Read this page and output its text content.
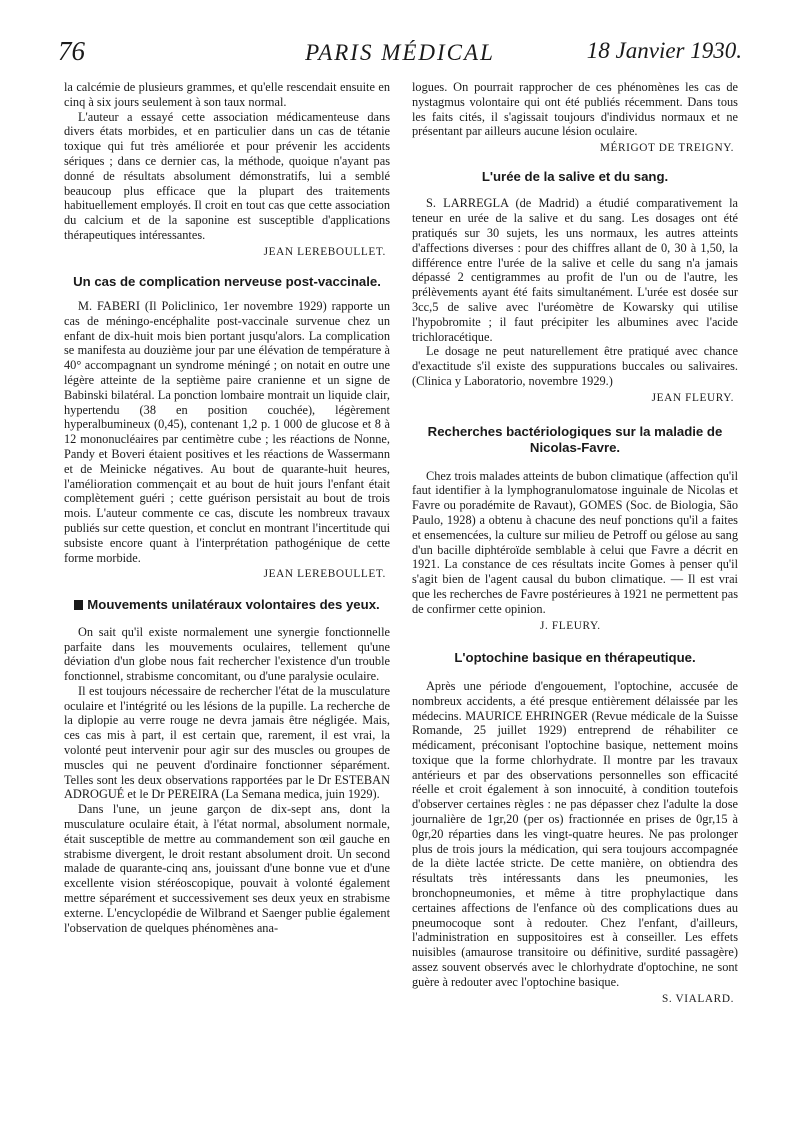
76	PARIS MÉDICAL	18 Janvier 1930.

la calcémie de plusieurs grammes, et qu'elle rescendait ensuite en cinq à six jours seulement à son taux normal.

L'auteur a essayé cette association médicamenteuse dans divers états morbides, et en particulier dans un cas de tétanie toxique qui fut très améliorée et pour prévenir les accidents sériques ; dans ce dernier cas, la méthode, quoique n'ayant pas donné de résultats absolument démonstratifs, lui a semblé beaucoup plus efficace que la plupart des traitements habituellement employés. Il croit en tout cas que cette association du calcium et de la saponine est susceptible d'applications thérapeutiques intéressantes.

JEAN LEREBOULLET.
Un cas de complication nerveuse post-vaccinale.

M. FABERI (Il Policlinico, 1er novembre 1929) rapporte un cas de méningo-encéphalite post-vaccinale survenue chez un enfant de dix-huit mois bien portant jusqu'alors. La complication se manifesta au douzième jour par une élévation de température à 40° accompagnant un syndrome méningé ; on notait en outre une légère atteinte de la septième paire cranienne et un signe de Babinski bilatéral. La ponction lombaire montrait un liquide clair, hypertendu (38 en position couchée), légèrement hyperalbumineux (0,45), contenant 1,2 p. 1 000 de glucose et 8 à 12 mononucléaires par centimètre cube ; les réactions de Nonne, Pandy et Boveri étaient positives et les réactions de Wassermann et de Meinicke négatives. Au bout de quarante-huit heures, l'amélioration commençait et au bout de huit jours l'enfant était complètement guéri ; cette guérison persistait au bout de trois mois. L'auteur commente ce cas, discute les nombreux travaux publiés sur cette question, et conclut en montrant l'incertitude qui subsiste encore quant à l'interprétation pathogénique de cette forme morbide.

JEAN LEREBOULLET.
Mouvements unilatéraux volontaires des yeux.

On sait qu'il existe normalement une synergie fonctionnelle parfaite dans les mouvements oculaires, tellement qu'une déviation d'un globe nous fait rechercher l'existence d'un trouble fonctionnel, strabisme concomitant, ou d'une paralysie oculaire.

Il est toujours nécessaire de rechercher l'état de la musculature oculaire et l'intégrité ou les lésions de la pupille. La recherche de la diplopie au verre rouge ne devra jamais être négligée. Mais, ces cas mis à part, il est certain que, rarement, il est vrai, la volonté peut intervenir pour agir sur des muscles ou groupes de muscles qui ne peuvent d'ordinaire fonctionner séparément. Telles sont les deux observations rapportées par le Dr ESTEBAN ADROGUÉ et le Dr PEREIRA (La Semana medica, juin 1929).

Dans l'une, un jeune garçon de dix-sept ans, dont la musculature oculaire était, à l'état normal, absolument normale, était susceptible de mettre au commandement son œil gauche en strabisme divergent, le droit restant absolument droit. Un second malade de quarante-cinq ans, jouissant d'une bonne vue et d'une excellente vision stéréoscopique, pouvait à volonté également mettre séparément et successivement ses deux yeux en strabisme externe. L'encyclopédie de Wilbrand et Saenger publie également l'observation de quelques phénomènes ana-

logues. On pourrait rapprocher de ces phénomènes les cas de nystagmus volontaire qui ont été publiés récemment. Dans tous les faits cités, il s'agissait toujours d'individus normaux et ne présentant par ailleurs aucune lésion oculaire.

MÉRIGOT DE TREIGNY.
L'urée de la salive et du sang.

S. LARREGLA (de Madrid) a étudié comparativement la teneur en urée de la salive et du sang. Les dosages ont été pratiqués sur 30 sujets, les uns normaux, les autres atteints d'affections diverses : pour des chiffres allant de 0, 30 à 1,50, la différence entre l'urée de la salive et celle du sang n'a jamais dépassé 2 centigrammes au profit de l'un ou de l'autre, les prélèvements ayant été faits simultanément. L'urée est dosée sur 3cc,5 de salive avec l'uréomètre de Kowarsky qui utilise l'hypobromite ; il faut précipiter les albumines avec l'acide trichloracétique.

Le dosage ne peut naturellement être pratiqué avec chance d'exactitude s'il existe des suppurations buccales ou salivaires. (Clinica y Laboratorio, novembre 1929.)

JEAN FLEURY.
Recherches bactériologiques sur la maladie de Nicolas-Favre.

Chez trois malades atteints de bubon climatique (affection qu'il faut identifier à la lymphogranulomatose inguinale de Nicolas et Favre ou poradémite de Ravaut), GOMES (Soc. de Biologia, São Paulo, 1928) a obtenu à chacune des neuf ponctions qu'il a faites et ensemencées, la culture sur milieu de Petroff ou gélose au sang d'un bacille diphtéroïde semblable à celui que Favre a décrit en 1921. La constance de ces résultats incite Gomes à penser qu'il s'agit bien de l'agent causal du bubon climatique. — Il est vrai que les recherches de Favre postérieures à 1921 ne permettent pas de confirmer cette opinion.

J. FLEURY.
L'optochine basique en thérapeutique.

Après une période d'engouement, l'optochine, accusée de nombreux accidents, a été presque entièrement délaissée par les médecins. MAURICE EHRINGER (Revue médicale de la Suisse Romande, 25 juillet 1929) entreprend de réhabiliter ce médicament, préconisant l'optochine basique, nettement moins toxique que la forme chlorhydrate. Il montre par les travaux antérieurs et par des observations personnelles son efficacité réelle et croit également à son innocuité, à condition toutefois d'observer certaines règles : ne pas dépasser chez l'adulte la dose journalière de 1gr,20 (per os) fractionnée en prises de 0gr,15 à 0gr,20 réparties dans les vingt-quatre heures. Ne pas prolonger plus de trois jours la médication, qui sera toujours accompagnée de la diète lactée stricte. De cette manière, on obtiendra des résultats très intéressants dans les pneumonies, les bronchopneumonies, et même à titre prophylactique dans certaines affections de l'enfance où des complications dues au pneumocoque sont à redouter. Chez l'enfant, d'ailleurs, l'administration en suppositoires est à conseiller. Les effets nuisibles (amaurose transitoire ou définitive, surdité passagère) assez souvent observés avec le chlorhydrate d'optochine, ne sont guère à redouter avec l'optochine basique.

S. VIALARD.
